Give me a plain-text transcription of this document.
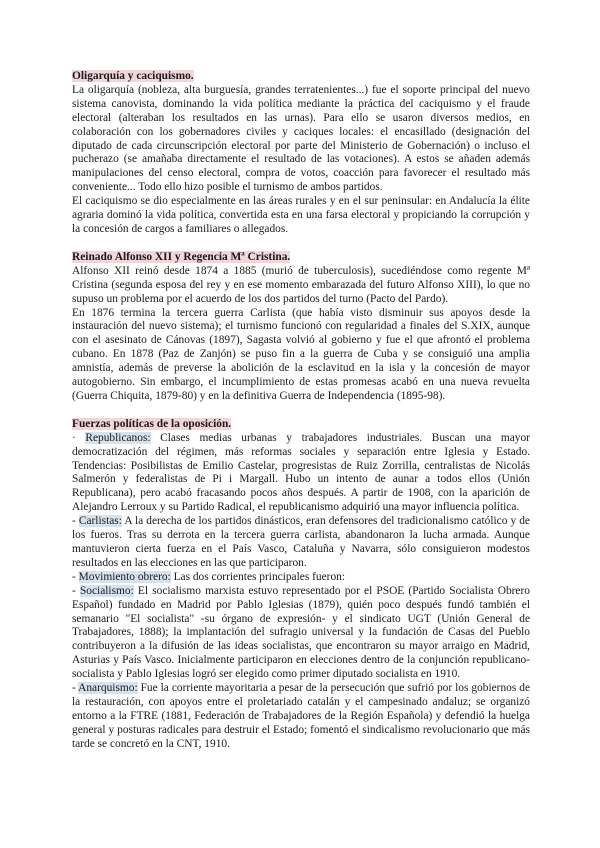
Oligarquía y caciquismo.

La oligarquía (nobleza, alta burguesía, grandes terratenientes...) fue el soporte principal del nuevo sistema canovista, dominando la vida política mediante la práctica del caciquismo y el fraude electoral (alteraban los resultados en las urnas). Para ello se usaron diversos medios, en colaboración con los gobernadores civiles y caciques locales: el encasillado (designación del diputado de cada circunscripción electoral por parte del Ministerio de Gobernación) o incluso el pucherazo (se amañaba directamente el resultado de las votaciones). A estos se añaden además manipulaciones del censo electoral, compra de votos, coacción para favorecer el resultado más conveniente... Todo ello hizo posible el turnismo de ambos partidos.

El caciquismo se dio especialmente en las áreas rurales y en el sur peninsular: en Andalucía la élite agraria dominó la vida política, convertida esta en una farsa electoral y propiciando la corrupción y la concesión de cargos a familiares o allegados.

Reinado Alfonso XII y Regencia Mª Cristina.

Alfonso XII reinó desde 1874 a 1885 (murió de tuberculosis), sucediéndose como regente Mª Cristina (segunda esposa del rey y en ese momento embarazada del futuro Alfonso XIII), lo que no supuso un problema por el acuerdo de los dos partidos del turno (Pacto del Pardo).

En 1876 termina la tercera guerra Carlista (que había visto disminuir sus apoyos desde la instauración del nuevo sistema); el turnismo funcionó con regularidad a finales del S.XIX, aunque con el asesinato de Cánovas (1897), Sagasta volvió al gobierno y fue el que afrontó el problema cubano. En 1878 (Paz de Zanjón) se puso fin a la guerra de Cuba y se consiguió una amplia amnistía, además de preverse la abolición de la esclavitud en la isla y la concesión de mayor autogobierno. Sin embargo, el incumplimiento de estas promesas acabó en una nueva revuelta (Guerra Chiquita, 1879-80) y en la definitiva Guerra de Independencia (1895-98).

Fuerzas políticas de la oposición.

· Republicanos: Clases medias urbanas y trabajadores industriales. Buscan una mayor democratización del régimen, más reformas sociales y separación entre Iglesia y Estado. Tendencias: Posibilistas de Emilio Castelar, progresistas de Ruiz Zorrilla, centralistas de Nicolás Salmerón y federalistas de Pi i Margall. Hubo un intento de aunar a todos ellos (Unión Republicana), pero acabó fracasando pocos años después. A partir de 1908, con la aparición de Alejandro Lerroux y su Partido Radical, el republicanismo adquirió una mayor influencia política.

- Carlistas: A la derecha de los partidos dinásticos, eran defensores del tradicionalismo católico y de los fueros. Tras su derrota en la tercera guerra carlista, abandonaron la lucha armada. Aunque mantuvieron cierta fuerza en el País Vasco, Cataluña y Navarra, sólo consiguieron modestos resultados en las elecciones en las que participaron.

- Movimiento obrero: Las dos corrientes principales fueron:

- Socialismo: El socialismo marxista estuvo representado por el PSOE (Partido Socialista Obrero Español) fundado en Madrid por Pablo Iglesias (1879), quién poco después fundó también el semanario "El socialista" -su órgano de expresión- y el sindicato UGT (Unión General de Trabajadores, 1888); la implantación del sufragio universal y la fundación de Casas del Pueblo contribuyeron a la difusión de las ideas socialistas, que encontraron su mayor arraigo en Madrid, Asturias y País Vasco. Inicialmente participaron en elecciones dentro de la conjunción republicano-socialista y Pablo Iglesias logró ser elegido como primer diputado socialista en 1910.

- Anarquismo: Fue la corriente mayoritaria a pesar de la persecución que sufrió por los gobiernos de la restauración, con apoyos entre el proletariado catalán y el campesinado andaluz; se organizó entorno a la FTRE (1881, Federación de Trabajadores de la Región Española) y defendió la huelga general y posturas radicales para destruir el Estado; fomentó el sindicalismo revolucionario que más tarde se concretó en la CNT, 1910.
